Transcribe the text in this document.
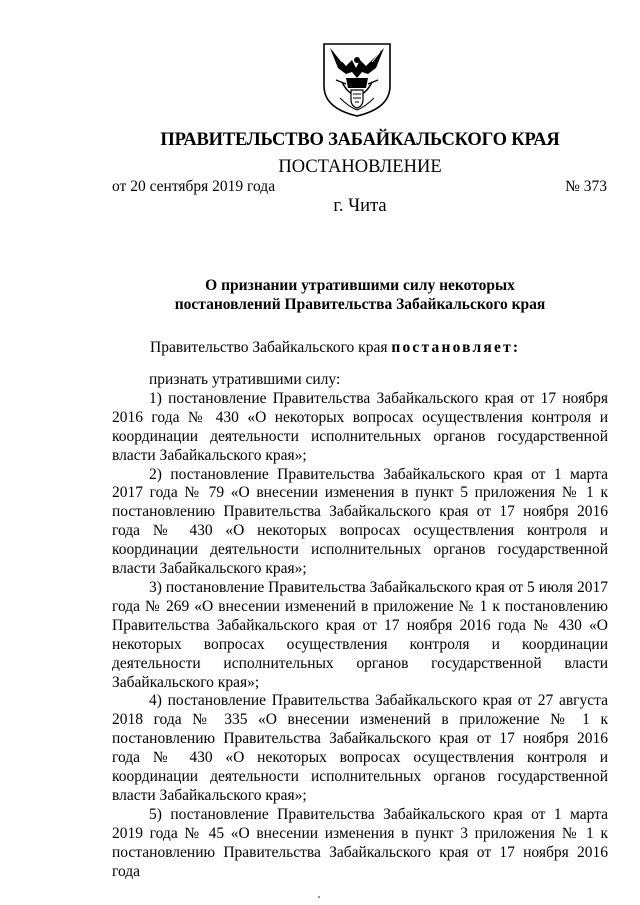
ПРАВИТЕЛЬСТВО ЗАБАЙКАЛЬСКОГО КРАЯ
ПОСТАНОВЛЕНИЕ
от 20 сентября 2019 года	№ 373
г. Чита
О признании утратившими силу некоторых
постановлений Правительства Забайкальского края
Правительство Забайкальского края постановляет:

признать утратившими силу:

1) постановление Правительства Забайкальского края от 17 ноября 2016 года № 430 «О некоторых вопросах осуществления контроля и координации деятельности исполнительных органов государственной власти Забайкальского края»;

2) постановление Правительства Забайкальского края от 1 марта 2017 года № 79 «О внесении изменения в пункт 5 приложения № 1 к постановлению Правительства Забайкальского края от 17 ноября 2016 года № 430 «О некоторых вопросах осуществления контроля и координации деятельности исполнительных органов государственной власти Забайкальского края»;

3) постановление Правительства Забайкальского края от 5 июля 2017 года № 269 «О внесении изменений в приложение № 1 к постановлению Правительства Забайкальского края от 17 ноября 2016 года № 430 «О некоторых вопросах осуществления контроля и координации деятельности исполнительных органов государственной власти Забайкальского края»;

4) постановление Правительства Забайкальского края от 27 августа 2018 года № 335 «О внесении изменений в приложение № 1 к постановлению Правительства Забайкальского края от 17 ноября 2016 года № 430 «О некоторых вопросах осуществления контроля и координации деятельности исполнительных органов государственной власти Забайкальского края»;

5) постановление Правительства Забайкальского края от 1 марта 2019 года № 45 «О внесении изменения в пункт 3 приложения № 1 к постановлению Правительства Забайкальского края от 17 ноября 2016 года
